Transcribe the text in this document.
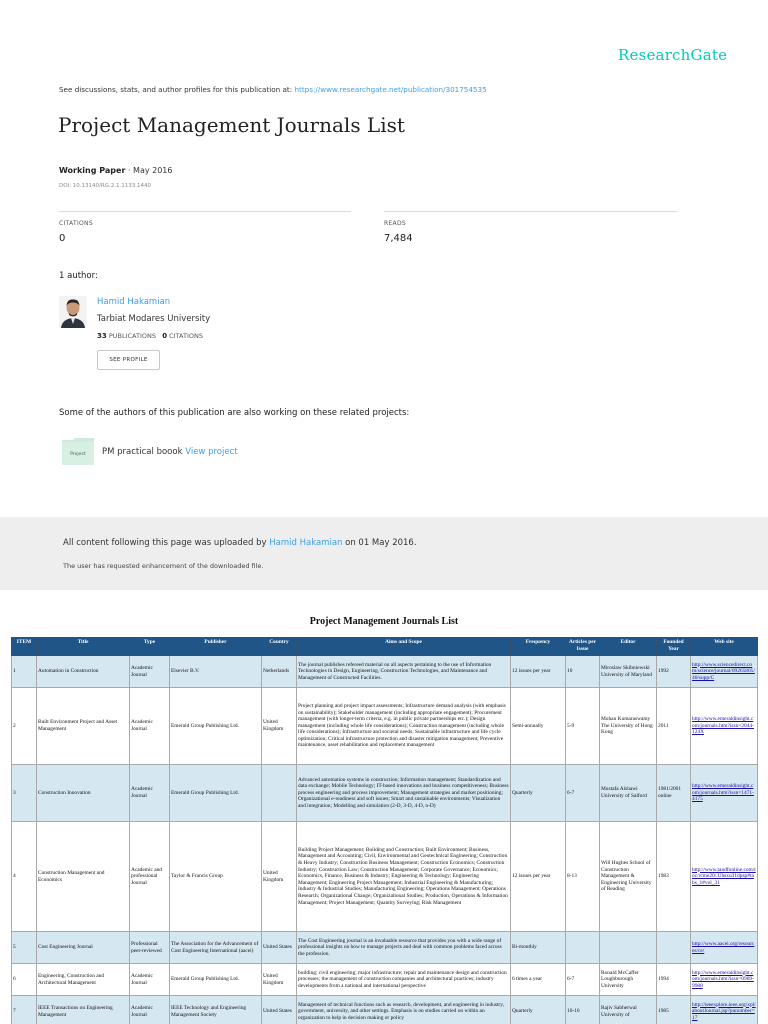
ResearchGate
See discussions, stats, and author profiles for this publication at: https://www.researchgate.net/publication/301754535
Project Management Journals List
Working Paper · May 2016
DOI: 10.13140/RG.2.1.1133.1440
CITATIONS
0
READS
7,484
1 author:
Hamid Hakamian
Tarbiat Modares University
33 PUBLICATIONS 0 CITATIONS
SEE PROFILE
Some of the authors of this publication are also working on these related projects:
Project PM practical boook View project
All content following this page was uploaded by Hamid Hakamian on 01 May 2016.
The user has requested enhancement of the downloaded file.
Project Management Journals List
ITEM	Title	Type	Publisher	Country	Aims and Scope	Frequency	Articles per Issue	Editor	Founded Year	Web site
1	Automation in Construction	Academic Journal	Elsevier B.V.	Netherlands	The journal publishes refereed material on all aspects pertaining to the use of Information Technologies in Design, Engineering, Construction Technologies, and Maintenance and Management of Constructed Facilities.	12 issues per year	10	Miroslaw Skibniewski University of Maryland	1992	http://www.sciencedirect.com/science/journal/09265805/40/supp/C
2	Built Environment Project and Asset Management	Academic Journal	Emerald Group Publishing Ltd.	United Kingdom	Project planning and project impact assessments; Infrastructure demand analysis (with emphasis on sustainability); Stakeholder management (including appropriate engagement); Procurement management (with longer-term criteria, e.g. in public private partnerships etc.); Design management (including whole life considerations); Construction management (including whole life considerations); Infrastructure and societal needs; Sustainable infrastructure and life cycle optimization; Critical infrastructure protection and disaster mitigation management; Preventive maintenance, asset rehabilitation and replacement management	Semi-annually	5-9	Mohan Kumaraswamy The University of Hong Kong	2011	http://www.emeraldinsight.com/journals.htm?issn=2044-124X
3	Construction Innovation	Academic Journal	Emerald Group Publishing Ltd.		Advanced automation systems in construction; Information management; Standardization and data exchange; Mobile Technology; IT-based innovations and business competitiveness; Business process engineering and process improvement; Management strategies and market positioning; Organizational e-readiness and soft issues; Smart and sustainable environments; Visualization and integration; Modelling and simulation (2-D, 3-D, 4-D, n-D)	Quarterly	6-7	Mustafa Alshawi University of Salford	1981/2001 online	http://www.emeraldinsight.com/journals.htm?issn=1471-4175
4	Construction Management and Economics	Academic and professional Journal	Taylor & Francis Group	United Kingdom	Building Project Management; Building and Construction; Built Environment; Business, Management and Accounting; Civil, Environmental and Geotechnical Engineering; Construction & Heavy Industry; Construction Business Management; Construction Economics; Construction Industry; Construction Law; Construction Management; Corporate Governance; Economics; Economics, Finance, Business & Industry; Engineering & Technology; Engineering Management; Engineering Project Management; Industrial Engineering & Manufacturing; Industry & Industrial Studies; Manufacturing Engineering; Operations Management; Operations Research; Organizational Change; Organizational Studies; Production, Operations & Information Management; Project Management; Quantity Surveying; Risk Management	12 issues per year	8-13	Will Hughes School of Construction Management & Engineering University of Reading	1983	http://www.tandfonline.com/toc/rcme20/.Uhsxu31dpsp#tabs_1#vol_31
5	Cost Engineering Journal	Professional peer-reviewed	The Association for the Advancement of Cost Engineering International (aacei)	United States	The Cost Engineering journal is an invaluable resource that provides you with a wide range of professional insights on how to manage projects and deal with common problems faced across the profession.	Bi-monthly				http://www.aacei.org/resources/ce/
6	Engineering, Construction and Architectural Management	Academic Journal	Emerald Group Publishing Ltd.	United Kingdom	building; civil engineering; major infrastructure; repair and maintenance design and construction processes; the management of construction companies and architectural practices; industry developments from a national and international perspective	6 times a year	6-7	Ronald McCaffer Loughborough University	1994	http://www.emeraldinsight.com/journals.htm?issn=0969-9988
7	IEEE Transactions on Engineering Management	Academic Journal	IEEE Technology and Engineering Management Society	United States	Management of technical functions such as research, development, and engineering in industry, government, university, and other settings. Emphasis is on studies carried on within an organization to help in decision making or policy	Quarterly	10-16	Rajiv Sabherwal University of	1985	http://ieeexplore.ieee.org/xpl/aboutJournal.jsp?punumber=17
